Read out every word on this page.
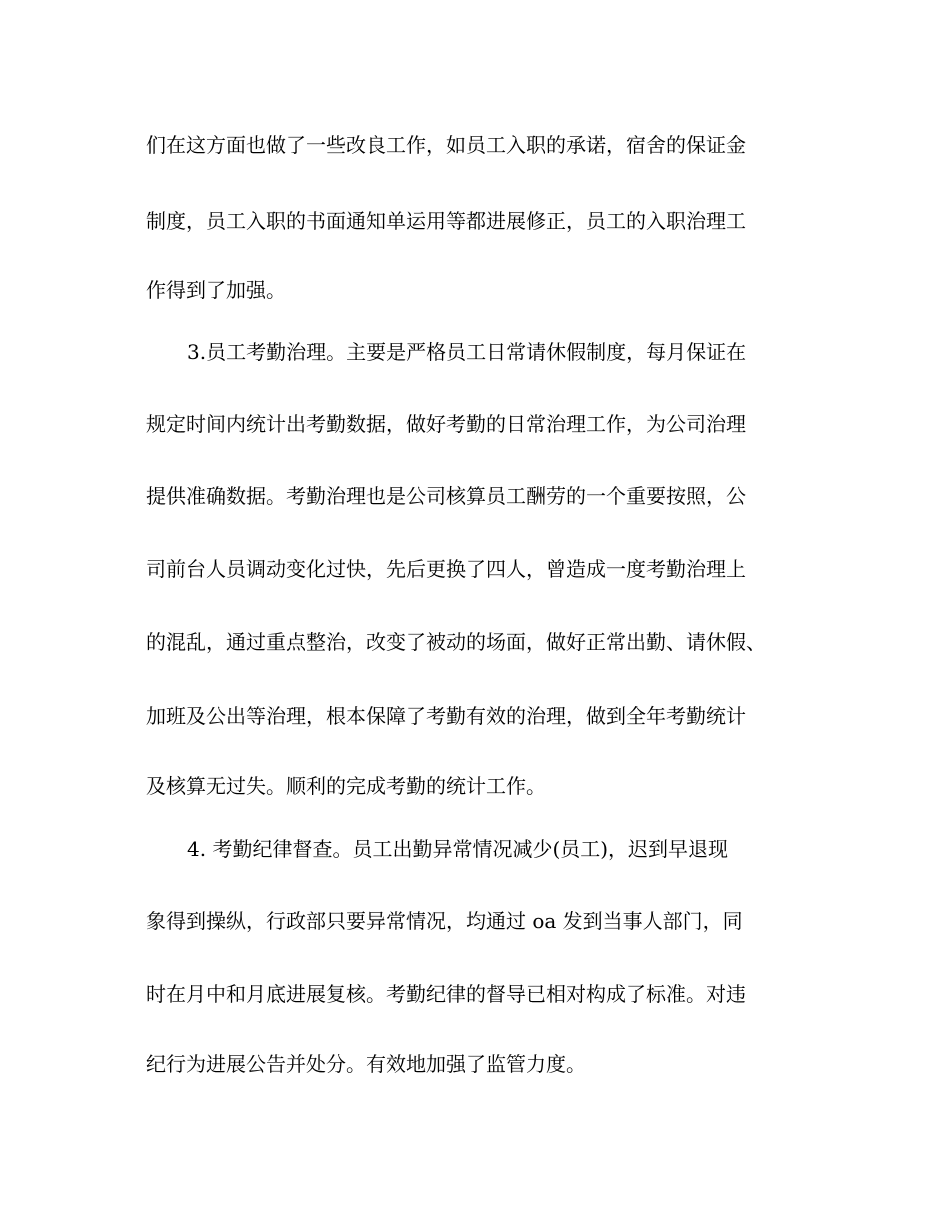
们在这方面也做了一些改良工作，如员工入职的承诺，宿舍的保证金

制度，员工入职的书面通知单运用等都进展修正，员工的入职治理工

作得到了加强。

3.员工考勤治理。主要是严格员工日常请休假制度，每月保证在

规定时间内统计出考勤数据，做好考勤的日常治理工作，为公司治理

提供准确数据。考勤治理也是公司核算员工酬劳的一个重要按照，公

司前台人员调动变化过快，先后更换了四人，曾造成一度考勤治理上

的混乱，通过重点整治，改变了被动的场面，做好正常出勤、请休假、

加班及公出等治理，根本保障了考勤有效的治理，做到全年考勤统计

及核算无过失。顺利的完成考勤的统计工作。

4. 考勤纪律督查。员工出勤异常情况减少(员工)，迟到早退现

象得到操纵，行政部只要异常情况，均通过 oa 发到当事人部门，同

时在月中和月底进展复核。考勤纪律的督导已相对构成了标准。对违

纪行为进展公告并处分。有效地加强了监管力度。
